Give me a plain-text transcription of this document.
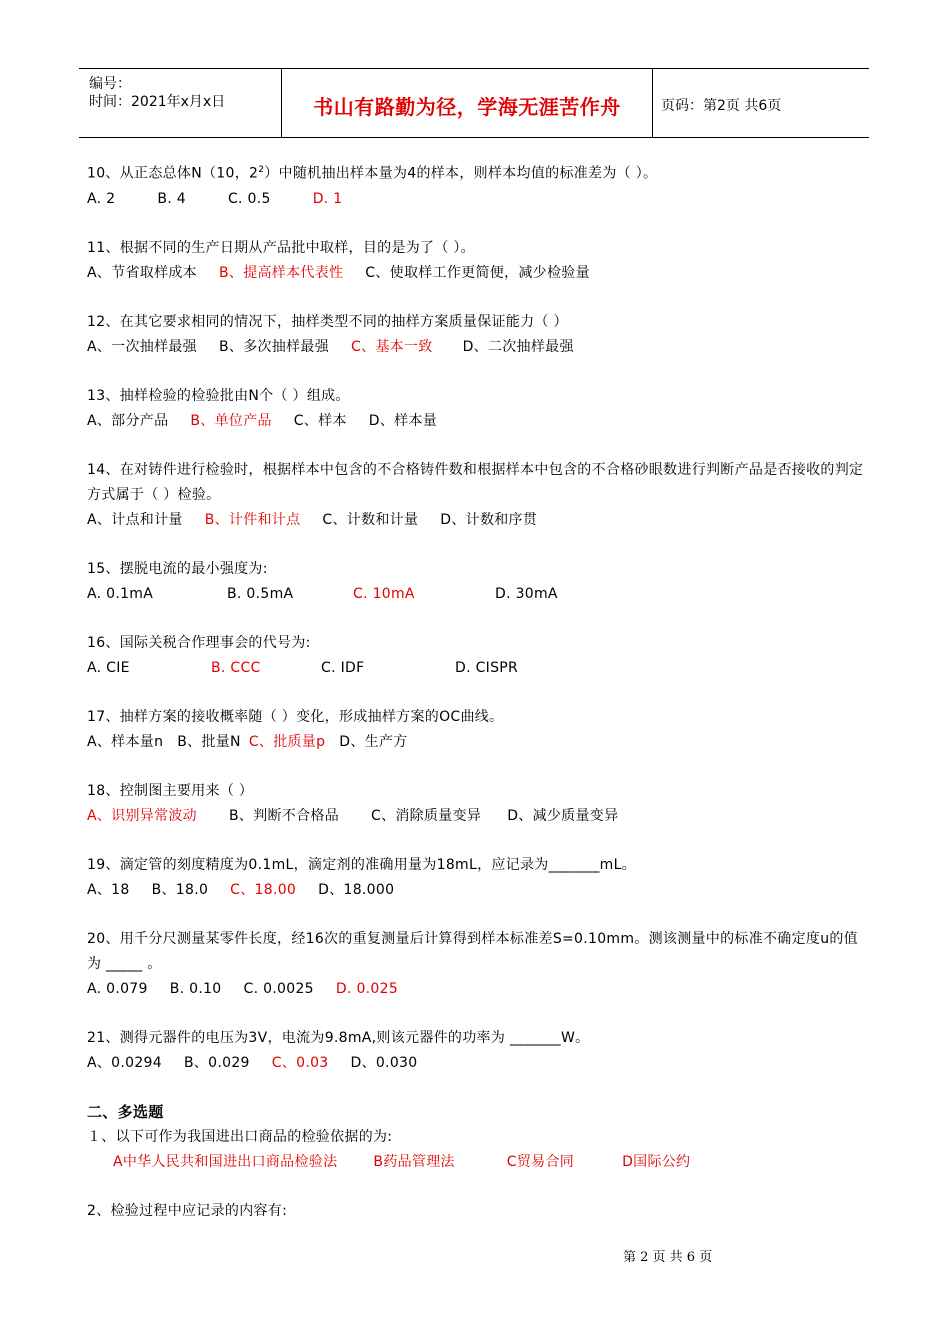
编号：
时间：2021年x月x日	书山有路勤为径，学海无涯苦作舟	页码：第2页 共6页
10、从正态总体N（10，$2^2$）中随机抽出样本量为4的样本，则样本均值的标准差为（ ）。
A. 2	B. 4	C. 0.5	D. 1
11、根据不同的生产日期从产品批中取样，目的是为了（ ）。
A、节省取样成本 B、提高样本代表性 C、使取样工作更简便，减少检验量
12、在其它要求相同的情况下，抽样类型不同的抽样方案质量保证能力（ ）
A、一次抽样最强 B、多次抽样最强 C、基本一致 D、二次抽样最强
13、抽样检验的检验批由N个（ ）组成。
A、部分产品 B、单位产品 C、样本 D、样本量
14、在对铸件进行检验时，根据样本中包含的不合格铸件数和根据样本中包含的不合格砂眼数进行判断产品是否接收的判定方式属于（ ）检验。
A、计点和计量 B、计件和计点 C、计数和计量 D、计数和序贯
15、摆脱电流的最小强度为:
A. 0.1mA	B. 0.5mA	C. 10mA	D. 30mA
16、国际关税合作理事会的代号为:
A. CIE	B. CCC	C. IDF	D. CISPR
17、抽样方案的接收概率随（ ）变化，形成抽样方案的OC曲线。
A、样本量n B、批量N C、批质量p D、生产方
18、控制图主要用来（ ）
A、识别异常波动 B、判断不合格品 C、消除质量变异 D、减少质量变异
19、滴定管的刻度精度为0.1mL，滴定剂的准确用量为18mL，应记录为_______mL。
A、18 B、18.0 C、18.00 D、18.000
20、用千分尺测量某零件长度，经16次的重复测量后计算得到样本标准差S=0.10mm。测该测量中的标准不确定度u的值为 _____ 。
A. 0.079 B. 0.10 C. 0.0025 D. 0.025
21、测得元器件的电压为3V，电流为9.8mA,则该元器件的功率为 _______W。
A、0.0294 B、0.029 C、0.03 D、0.030
二、多选题
１、以下可作为我国进出口商品的检验依据的为:
A中华人民共和国进出口商品检验法	B药品管理法	C贸易合同	D国际公约
2、检验过程中应记录的内容有:
第 2 页 共 6 页
